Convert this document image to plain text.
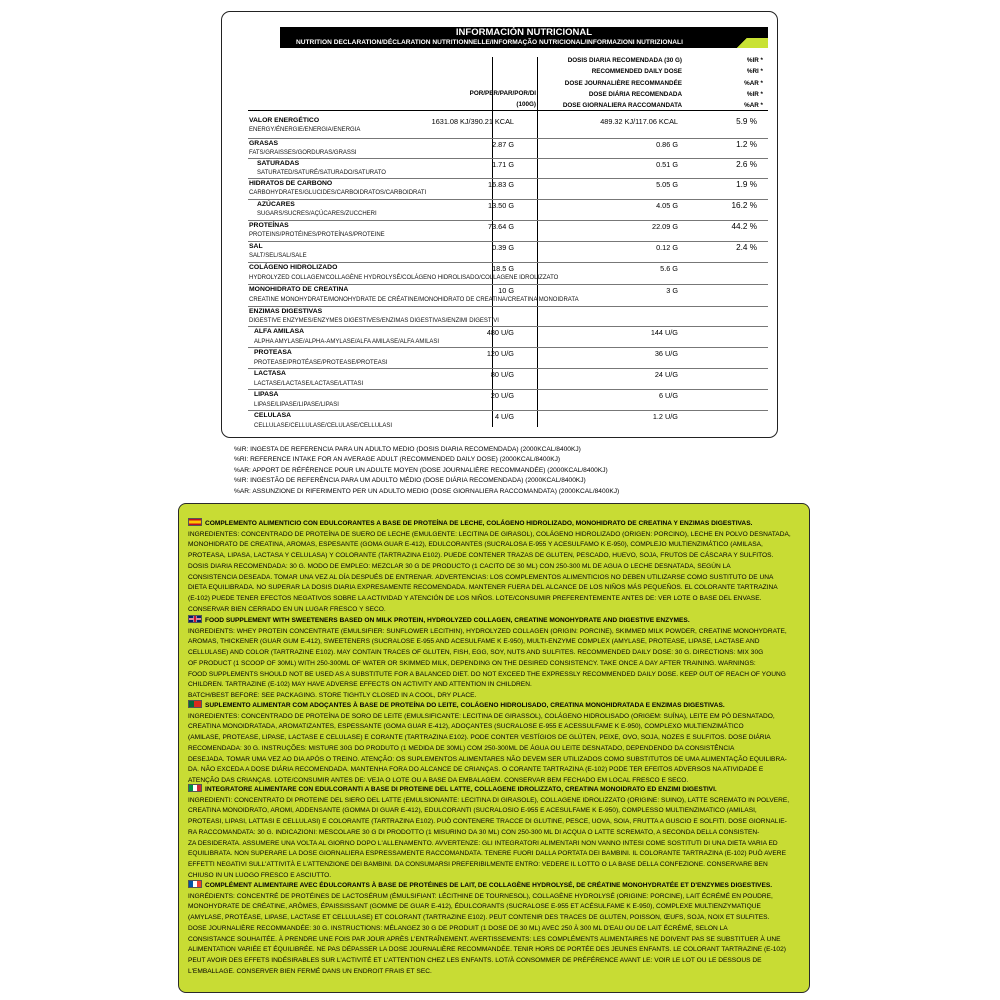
INFORMACIÓN NUTRICIONAL
NUTRITION DECLARATION/DÉCLARATION NUTRITIONNELLE/INFORMAÇÃO NUTRICIONAL/INFORMAZIONI NUTRIZIONALI
POR/PER/PAR/POR/DI
(100G)
DOSIS DIARIA RECOMENDADA (30 G)
RECOMMENDED DAILY DOSE
DOSE JOURNALIÈRE RECOMMANDÉE
DOSE DIÁRIA RECOMENDADA
DOSE GIORNALIERA RACCOMANDATA
%IR *
%RI *
%AR *
%IR *
%AR *
VALOR ENERGÉTICO
ENERGY/ÉNERGIE/ENERGIA/ENERGIA
1631.08 KJ/390.21 KCAL	489.32 KJ/117.06 KCAL	5.9 %
GRASAS
FATS/GRAISSES/GORDURAS/GRASSI
2.87 G	0.86 G	1.2 %
SATURADAS
SATURATED/SATURÉ/SATURADO/SATURATO
1.71 G	0.51 G	2.6 %
HIDRATOS DE CARBONO
CARBOHYDRATES/GLUCIDES/CARBOIDRATOS/CARBOIDRATI
16.83 G	5.05 G	1.9 %
AZÚCARES
SUGARS/SUCRES/AÇÚCARES/ZUCCHERI
13.50 G	4.05 G	16.2 %
PROTEÍNAS
PROTEINS/PROTÉINES/PROTEÍNAS/PROTEINE
73.64 G	22.09 G	44.2 %
SAL
SALT/SEL/SAL/SALE
0.39 G	0.12 G	2.4 %
COLÁGENO HIDROLIZADO
HYDROLYZED COLLAGEN/COLLAGÈNE HYDROLYSÉ/COLÁGENO HIDROLISADO/COLLAGENE IDROLIZZATO
18.5 G	5.6 G
MONOHIDRATO DE CREATINA
CREATINE MONOHYDRATE/MONOHYDRATE DE CRÉATINE/MONOHIDRATO DE CREATINA/CREATINA MONOIDRATA
10 G	3 G
ENZIMAS DIGESTIVAS
DIGESTIVE ENZYMES/ENZYMES DIGESTIVES/ENZIMAS DIGESTIVAS/ENZIMI DIGESTIVI
ALFA AMILASA
ALPHA AMYLASE/ALPHA-AMYLASE/ALFA AMILASE/ALFA AMILASI
480 U/G	144 U/G
PROTEASA
PROTEASE/PROTÉASE/PROTEASE/PROTEASI
120 U/G	36 U/G
LACTASA
LACTASE/LACTASE/LACTASE/LATTASI
80 U/G	24 U/G
LIPASA
LIPASE/LIPASE/LIPASE/LIPASI
20 U/G	6 U/G
CELULASA
CELLULASE/CELLULASE/CELULASE/CELLULASI
4 U/G	1.2 U/G
%IR: INGESTA DE REFERENCIA PARA UN ADULTO MEDIO (DOSIS DIARIA RECOMENDADA) (2000KCAL/8400KJ)
%RI: REFERENCE INTAKE FOR AN AVERAGE ADULT (RECOMMENDED DAILY DOSE) (2000KCAL/8400KJ)
%AR: APPORT DE RÉFÉRENCE POUR UN ADULTE MOYEN (DOSE JOURNALIÈRE RECOMMANDÉE) (2000KCAL/8400KJ)
%IR: INGESTÃO DE REFERÊNCIA PARA UM ADULTO MÉDIO (DOSE DIÁRIA RECOMENDADA) (2000KCAL/8400KJ)
%AR: ASSUNZIONE DI RIFERIMENTO PER UN ADULTO MEDIO (DOSE GIORNALIERA RACCOMANDATA) (2000KCAL/8400KJ)
COMPLEMENTO ALIMENTICIO CON EDULCORANTES A BASE DE PROTEÍNA DE LECHE, COLÁGENO HIDROLIZADO, MONOHIDRATO DE CREATINA Y ENZIMAS DIGESTIVAS.
INGREDIENTES: CONCENTRADO DE PROTEÍNA DE SUERO DE LECHE (EMULGENTE: LECITINA DE GIRASOL), COLÁGENO HIDROLIZADO (ORIGEN: PORCINO), LECHE EN POLVO DESNATADA,
MONOHIDRATO DE CREATINA, AROMAS, ESPESANTE (GOMA GUAR E-412), EDULCORANTES (SUCRALOSA E-955 Y ACESULFAMO K E-950), COMPLEJO MULTIENZIMÁTICO (AMILASA,
PROTEASA, LIPASA, LACTASA Y CELULASA) Y COLORANTE (TARTRAZINA E102). PUEDE CONTENER TRAZAS DE GLUTEN, PESCADO, HUEVO, SOJA, FRUTOS DE CÁSCARA Y SULFITOS.
DOSIS DIARIA RECOMENDADA: 30 G. MODO DE EMPLEO: MEZCLAR 30 G DE PRODUCTO (1 CACITO DE 30 ML) CON 250-300 ML DE AGUA O LECHE DESNATADA, SEGÚN LA
CONSISTENCIA DESEADA. TOMAR UNA VEZ AL DÍA DESPUÉS DE ENTRENAR. ADVERTENCIAS: LOS COMPLEMENTOS ALIMENTICIOS NO DEBEN UTILIZARSE COMO SUSTITUTO DE UNA
DIETA EQUILIBRADA. NO SUPERAR LA DOSIS DIARIA EXPRESAMENTE RECOMENDADA. MANTENER FUERA DEL ALCANCE DE LOS NIÑOS MÁS PEQUEÑOS. EL COLORANTE TARTRAZINA
(E-102) PUEDE TENER EFECTOS NEGATIVOS SOBRE LA ACTIVIDAD Y ATENCIÓN DE LOS NIÑOS. LOTE/CONSUMIR PREFERENTEMENTE ANTES DE: VER LOTE O BASE DEL ENVASE.
CONSERVAR BIEN CERRADO EN UN LUGAR FRESCO Y SECO.
FOOD SUPPLEMENT WITH SWEETENERS BASED ON MILK PROTEIN, HYDROLYZED COLLAGEN, CREATINE MONOHYDRATE AND DIGESTIVE ENZYMES.
INGREDIENTS: WHEY PROTEIN CONCENTRATE (EMULSIFIER: SUNFLOWER LECITHIN), HYDROLYZED COLLAGEN (ORIGIN: PORCINE), SKIMMED MILK POWDER, CREATINE MONOHYDRATE,
AROMAS, THICKENER (GUAR GUM E-412), SWEETENERS (SUCRALOSE E-955 AND ACESULFAME K E-950), MULTI-ENZYME COMPLEX (AMYLASE, PROTEASE, LIPASE, LACTASE AND
CELLULASE) AND COLOR (TARTRAZINE E102). MAY CONTAIN TRACES OF GLUTEN, FISH, EGG, SOY, NUTS AND SULFITES. RECOMMENDED DAILY DOSE: 30 G. DIRECTIONS: MIX 30G
OF PRODUCT (1 SCOOP OF 30ML) WITH 250-300ML OF WATER OR SKIMMED MILK, DEPENDING ON THE DESIRED CONSISTENCY. TAKE ONCE A DAY AFTER TRAINING. WARNINGS:
FOOD SUPPLEMENTS SHOULD NOT BE USED AS A SUBSTITUTE FOR A BALANCED DIET. DO NOT EXCEED THE EXPRESSLY RECOMMENDED DAILY DOSE. KEEP OUT OF REACH OF YOUNG
CHILDREN. TARTRAZINE (E-102) MAY HAVE ADVERSE EFFECTS ON ACTIVITY AND ATTENTION IN CHILDREN.
BATCH/BEST BEFORE: SEE PACKAGING. STORE TIGHTLY CLOSED IN A COOL, DRY PLACE.
SUPLEMENTO ALIMENTAR COM ADOÇANTES À BASE DE PROTEÍNA DO LEITE, COLÁGENO HIDROLISADO, CREATINA MONOHIDRATADA E ENZIMAS DIGESTIVAS.
INGREDIENTES: CONCENTRADO DE PROTEÍNA DE SORO DE LEITE (EMULSIFICANTE: LECITINA DE GIRASSOL), COLÁGENO HIDROLISADO (ORIGEM: SUÍNA), LEITE EM PÓ DESNATADO,
CREATINA MONOIDRATADA, AROMATIZANTES, ESPESSANTE (GOMA GUAR E-412), ADOÇANTES (SUCRALOSE E-955 E ACESSULFAME K E-950), COMPLEXO MULTIENZIMÁTICO
(AMILASE, PROTEASE, LIPASE, LACTASE E CELULASE) E CORANTE (TARTRAZINA E102). PODE CONTER VESTÍGIOS DE GLÚTEN, PEIXE, OVO, SOJA, NOZES E SULFITOS. DOSE DIÁRIA
RECOMENDADA: 30 G. INSTRUÇÕES: MISTURE 30G DO PRODUTO (1 MEDIDA DE 30ML) COM 250-300ML DE ÁGUA OU LEITE DESNATADO, DEPENDENDO DA CONSISTÊNCIA
DESEJADA. TOMAR UMA VEZ AO DIA APÓS O TREINO. ATENÇÃO: OS SUPLEMENTOS ALIMENTARES NÃO DEVEM SER UTILIZADOS COMO SUBSTITUTOS DE UMA ALIMENTAÇÃO EQUILIBRA-
DA. NÃO EXCEDA A DOSE DIÁRIA RECOMENDADA. MANTENHA FORA DO ALCANCE DE CRIANÇAS. O CORANTE TARTRAZINA (E-102) PODE TER EFEITOS ADVERSOS NA ATIVIDADE E
ATENÇÃO DAS CRIANÇAS. LOTE/CONSUMIR ANTES DE: VEJA O LOTE OU A BASE DA EMBALAGEM. CONSERVAR BEM FECHADO EM LOCAL FRESCO E SECO.
INTEGRATORE ALIMENTARE CON EDULCORANTI A BASE DI PROTEINE DEL LATTE, COLLAGENE IDROLIZZATO, CREATINA MONOIDRATO ED ENZIMI DIGESTIVI.
INGREDIENTI: CONCENTRATO DI PROTEINE DEL SIERO DEL LATTE (EMULSIONANTE: LECITINA DI GIRASOLE), COLLAGENE IDROLIZZATO (ORIGINE: SUINO), LATTE SCREMATO IN POLVERE,
CREATINA MONOIDRATO, AROMI, ADDENSANTE (GOMMA DI GUAR E-412), EDULCORANTI (SUCRALOSIO E-955 E ACESULFAME K E-950), COMPLESSO MULTIENZIMATICO (AMILASI,
PROTEASI, LIPASI, LATTASI E CELLULASI) E COLORANTE (TARTRAZINA E102). PUÒ CONTENERE TRACCE DI GLUTINE, PESCE, UOVA, SOIA, FRUTTA A GUSCIO E SOLFITI. DOSE GIORNALIE-
RA RACCOMANDATA: 30 G. INDICAZIONI: MESCOLARE 30 G DI PRODOTTO (1 MISURINO DA 30 ML) CON 250-300 ML DI ACQUA O LATTE SCREMATO, A SECONDA DELLA CONSISTEN-
ZA DESIDERATA. ASSUMERE UNA VOLTA AL GIORNO DOPO L'ALLENAMENTO. AVVERTENZE: GLI INTEGRATORI ALIMENTARI NON VANNO INTESI COME SOSTITUTI DI UNA DIETA VARIA ED
EQUILIBRATA. NON SUPERARE LA DOSE GIORNALIERA ESPRESSAMENTE RACCOMANDATA. TENERE FUORI DALLA PORTATA DEI BAMBINI. IL COLORANTE TARTRAZINA (E-102) PUÒ AVERE
EFFETTI NEGATIVI SULL'ATTIVITÀ E L'ATTENZIONE DEI BAMBINI. DA CONSUMARSI PREFERIBILMENTE ENTRO: VEDERE IL LOTTO O LA BASE DELLA CONFEZIONE. CONSERVARE BEN
CHIUSO IN UN LUOGO FRESCO E ASCIUTTO.
COMPLÉMENT ALIMENTAIRE AVEC ÉDULCORANTS À BASE DE PROTÉINES DE LAIT, DE COLLAGÈNE HYDROLYSÉ, DE CRÉATINE MONOHYDRATÉE ET D'ENZYMES DIGESTIVES.
INGRÉDIENTS: CONCENTRÉ DE PROTÉINES DE LACTOSÉRUM (ÉMULSIFIANT: LÉCITHINE DE TOURNESOL), COLLAGÈNE HYDROLYSÉ (ORIGINE: PORCINE), LAIT ÉCRÉMÉ EN POUDRE,
MONOHYDRATE DE CRÉATINE, ARÔMES, ÉPAISSISSANT (GOMME DE GUAR E-412), ÉDULCORANTS (SUCRALOSE E-955 ET ACÉSULFAME K E-950), COMPLEXE MULTIENZYMATIQUE
(AMYLASE, PROTÉASE, LIPASE, LACTASE ET CELLULASE) ET COLORANT (TARTRAZINE E102). PEUT CONTENIR DES TRACES DE GLUTEN, POISSON, ŒUFS, SOJA, NOIX ET SULFITES.
DOSE JOURNALIÈRE RECOMMANDÉE: 30 G. INSTRUCTIONS: MÉLANGEZ 30 G DE PRODUIT (1 DOSE DE 30 ML) AVEC 250 À 300 ML D'EAU OU DE LAIT ÉCRÉMÉ, SELON LA
CONSISTANCE SOUHAITÉE. À PRENDRE UNE FOIS PAR JOUR APRÈS L'ENTRAÎNEMENT. AVERTISSEMENTS: LES COMPLÉMENTS ALIMENTAIRES NE DOIVENT PAS SE SUBSTITUER À UNE
ALIMENTATION VARIÉE ET ÉQUILIBRÉE. NE PAS DÉPASSER LA DOSE JOURNALIÈRE RECOMMANDÉE. TENIR HORS DE PORTÉE DES JEUNES ENFANTS. LE COLORANT TARTRAZINE (E-102)
PEUT AVOIR DES EFFETS INDÉSIRABLES SUR L'ACTIVITÉ ET L'ATTENTION CHEZ LES ENFANTS. LOT/À CONSOMMER DE PRÉFÉRENCE AVANT LE: VOIR LE LOT OU LE DESSOUS DE
L'EMBALLAGE. CONSERVER BIEN FERMÉ DANS UN ENDROIT FRAIS ET SEC.
